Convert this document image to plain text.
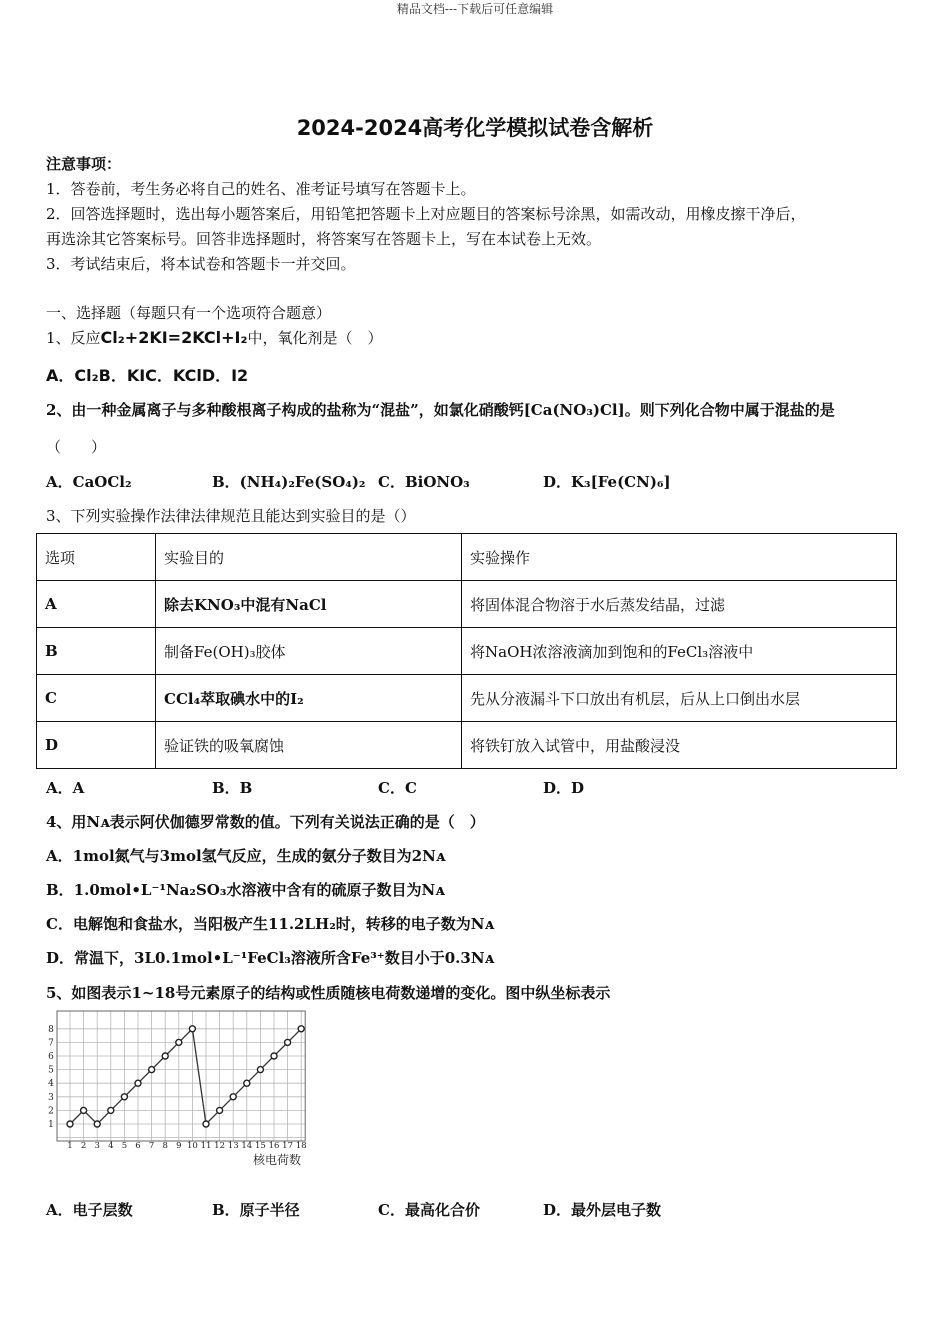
精品文档---下载后可任意编辑
2024-2024高考化学模拟试卷含解析
注意事项：
1．答卷前，考生务必将自己的姓名、准考证号填写在答题卡上。
2．回答选择题时，选出每小题答案后，用铅笔把答题卡上对应题目的答案标号涂黑，如需改动，用橡皮擦干净后，
再选涂其它答案标号。回答非选择题时，将答案写在答题卡上，写在本试卷上无效。
3．考试结束后，将本试卷和答题卡一并交回。
一、选择题（每题只有一个选项符合题意）
1、反应Cl₂+2KI=2KCl+I₂中，氧化剂是（　）
A．Cl₂B．KIC．KClD．I2
2、由一种金属离子与多种酸根离子构成的盐称为“混盐”，如氯化硝酸钙[Ca(NO₃)Cl]。则下列化合物中属于混盐的是
（　　）
A．CaOCl₂	B．(NH₄)₂Fe(SO₄)₂ C．BiONO₃	D．K₃[Fe(CN)₆]
3、下列实验操作法律法律规范且能达到实验目的是（）
选项	实验目的	实验操作
A	除去KNO₃中混有NaCl	将固体混合物溶于水后蒸发结晶，过滤
B	制备Fe(OH)₃胶体	将NaOH浓溶液滴加到饱和的FeCl₃溶液中
C	CCl₄萃取碘水中的I₂	先从分液漏斗下口放出有机层，后从上口倒出水层
D	验证铁的吸氧腐蚀	将铁钉放入试管中，用盐酸浸没
A．A	B．B	C．C	D．D
4、用Nᴀ表示阿伏伽德罗常数的值。下列有关说法正确的是（　）
A．1mol氮气与3mol氢气反应，生成的氨分子数目为2Nᴀ
B．1.0mol•L⁻¹Na₂SO₃水溶液中含有的硫原子数目为Nᴀ
C．电解饱和食盐水，当阳极产生11.2LH₂时，转移的电子数为Nᴀ
D．常温下，3L0.1mol•L⁻¹FeCl₃溶液所含Fe³⁺数目小于0.3Nᴀ
5、如图表示1~18号元素原子的结构或性质随核电荷数递增的变化。图中纵坐标表示
1
2
3
4
5
6
7
8
1 2 3 4 5 6 7 8 9 10 11 12 13 14 15 16 17 18
核电荷数
A．电子层数	B．原子半径	C．最高化合价	D．最外层电子数
